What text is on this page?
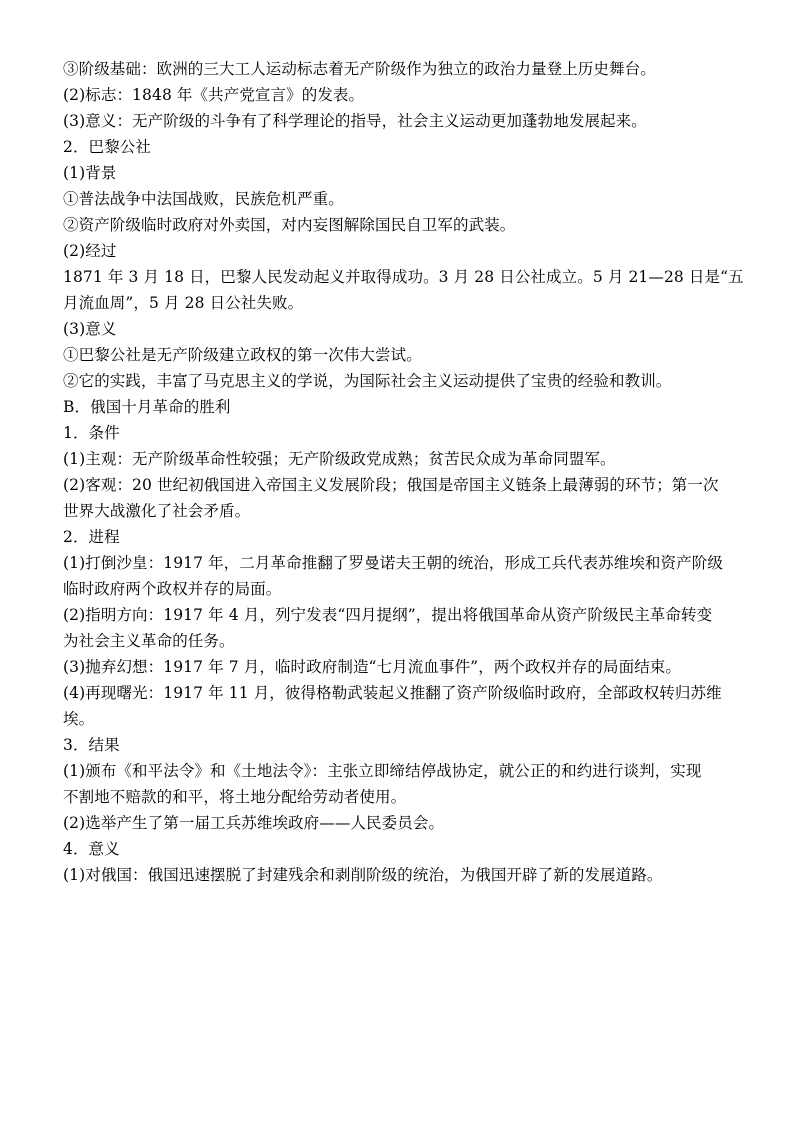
③阶级基础：欧洲的三大工人运动标志着无产阶级作为独立的政治力量登上历史舞台。
(2)标志：1848 年《共产党宣言》的发表。
(3)意义：无产阶级的斗争有了科学理论的指导，社会主义运动更加蓬勃地发展起来。
2．巴黎公社
(1)背景
①普法战争中法国战败，民族危机严重。
②资产阶级临时政府对外卖国，对内妄图解除国民自卫军的武装。
(2)经过
1871 年 3 月 18 日，巴黎人民发动起义并取得成功。3 月 28 日公社成立。5 月 21—28 日是“五
月流血周”，5 月 28 日公社失败。
(3)意义
①巴黎公社是无产阶级建立政权的第一次伟大尝试。
②它的实践，丰富了马克思主义的学说，为国际社会主义运动提供了宝贵的经验和教训。
B．俄国十月革命的胜利
1．条件
(1)主观：无产阶级革命性较强；无产阶级政党成熟；贫苦民众成为革命同盟军。
(2)客观：20 世纪初俄国进入帝国主义发展阶段；俄国是帝国主义链条上最薄弱的环节；第一次
世界大战激化了社会矛盾。
2．进程
(1)打倒沙皇：1917 年，二月革命推翻了罗曼诺夫王朝的统治，形成工兵代表苏维埃和资产阶级
临时政府两个政权并存的局面。
(2)指明方向：1917 年 4 月，列宁发表“四月提纲”，提出将俄国革命从资产阶级民主革命转变
为社会主义革命的任务。
(3)抛弃幻想：1917 年 7 月，临时政府制造“七月流血事件”，两个政权并存的局面结束。
(4)再现曙光：1917 年 11 月，彼得格勒武装起义推翻了资产阶级临时政府，全部政权转归苏维
埃。
3．结果
(1)颁布《和平法令》和《土地法令》：主张立即缔结停战协定，就公正的和约进行谈判，实现
不割地不赔款的和平，将土地分配给劳动者使用。
(2)选举产生了第一届工兵苏维埃政府——人民委员会。
4．意义
(1)对俄国：俄国迅速摆脱了封建残余和剥削阶级的统治，为俄国开辟了新的发展道路。
